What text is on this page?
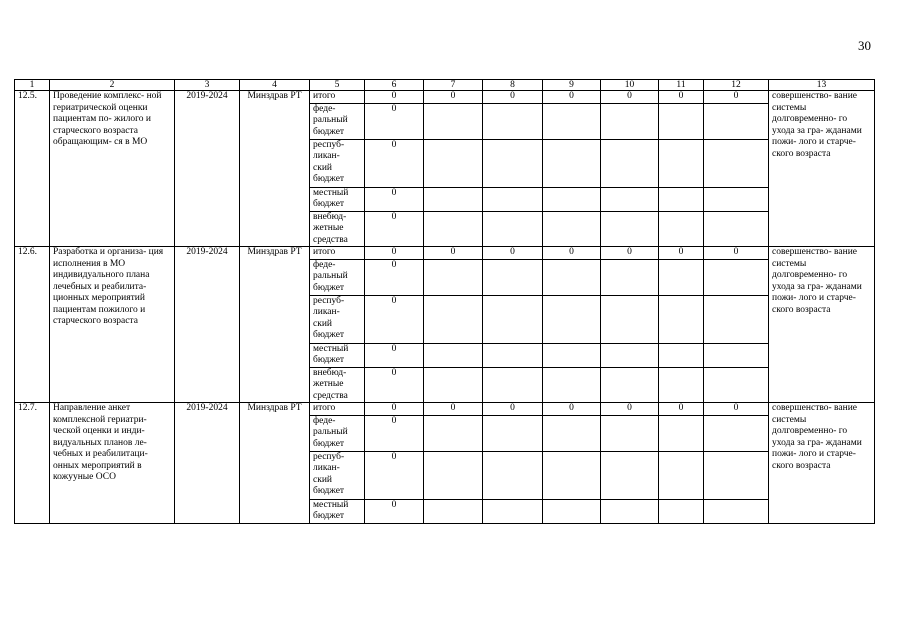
30
1	2	3	4	5	6	7	8	9	10	11	12	13
12.5.	Проведение комплекс- ной гериатрической оценки пациентам по- жилого и старческого возраста обращающим- ся в МО	2019-2024	Минздрав РТ	итого	0	0	0	0	0	0	0	совершенство- вание системы долговременно- го ухода за гра- жданами пожи- лого и старче- ского возраста
				феде- ральный бюджет	0							
				респуб- ликан- ский бюджет	0							
				местный бюджет	0							
				внебюд- жетные средства	0							
12.6.	Разработка и организа- ция исполнения в МО индивидуального плана лечебных и реабилита- ционных мероприятий пациентам пожилого и старческого возраста	2019-2024	Минздрав РТ	итого	0	0	0	0	0	0	0	совершенство- вание системы долговременно- го ухода за гра- жданами пожи- лого и старче- ского возраста
				феде- ральный бюджет	0							
				респуб- ликан- ский бюджет	0							
				местный бюджет	0							
				внебюд- жетные средства	0							
12.7.	Направление анкет комплексной гериатри- ческой оценки и инди- видуальных планов ле- чебных и реабилитаци- онных мероприятий в кожууные ОСО	2019-2024	Минздрав РТ	итого	0	0	0	0	0	0	0	совершенство- вание системы долговременно- го ухода за гра- жданами пожи- лого и старче- ского возраста
				феде- ральный бюджет	0							
				респуб- ликан- ский бюджет	0							
				местный бюджет	0							
